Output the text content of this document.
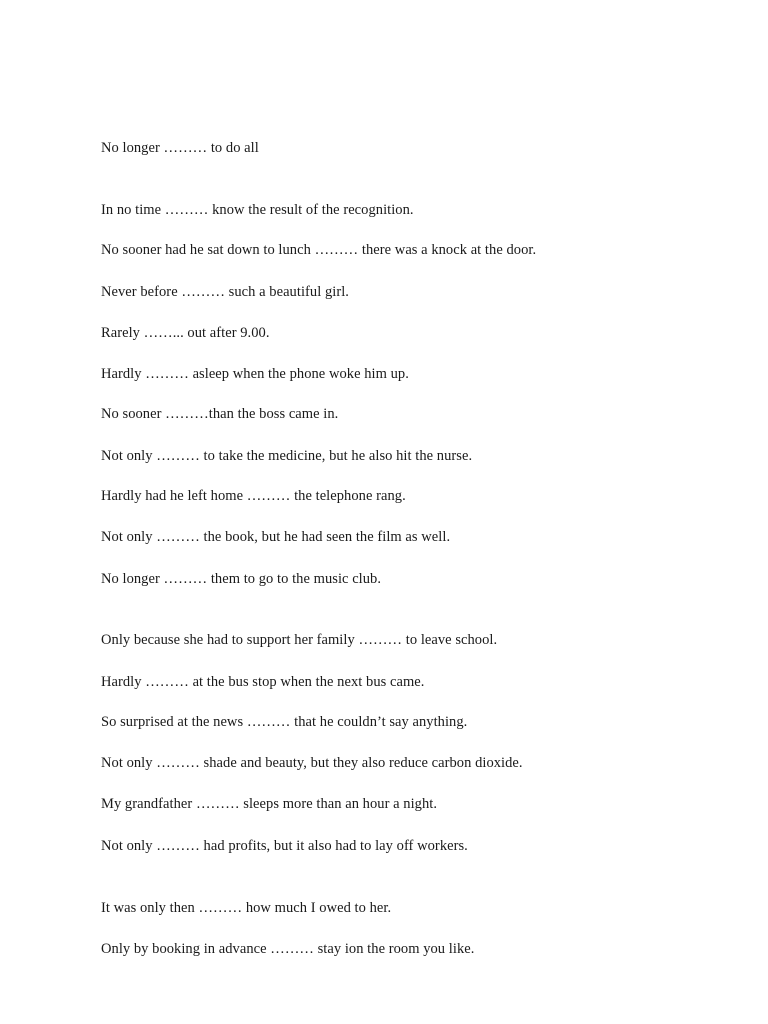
No longer ……… to do all
In no time ……… know the result of the recognition.
No sooner had he sat down to lunch ……… there was a knock at the door.
Never before ……… such a beautiful girl.
Rarely ……... out after 9.00.
Hardly ……… asleep when the phone woke him up.
No sooner ………than the boss came in.
Not only ……… to take the medicine, but he also hit the nurse.
Hardly had he left home ……… the telephone rang.
Not only ……… the book, but he had seen the film as well.
No longer ……… them to go to the music club.
Only because she had to support her family ……… to leave school.
Hardly ……… at the bus stop when the next bus came.
So surprised at the news ……… that he couldn’t say anything.
Not only ……… shade and beauty, but they also reduce carbon dioxide.
My grandfather ……… sleeps more than an hour a night.
Not only ……… had profits, but it also had to lay off workers.
It was only then ……… how much I owed to her.
Only by booking in advance ……… stay ion the room you like.
